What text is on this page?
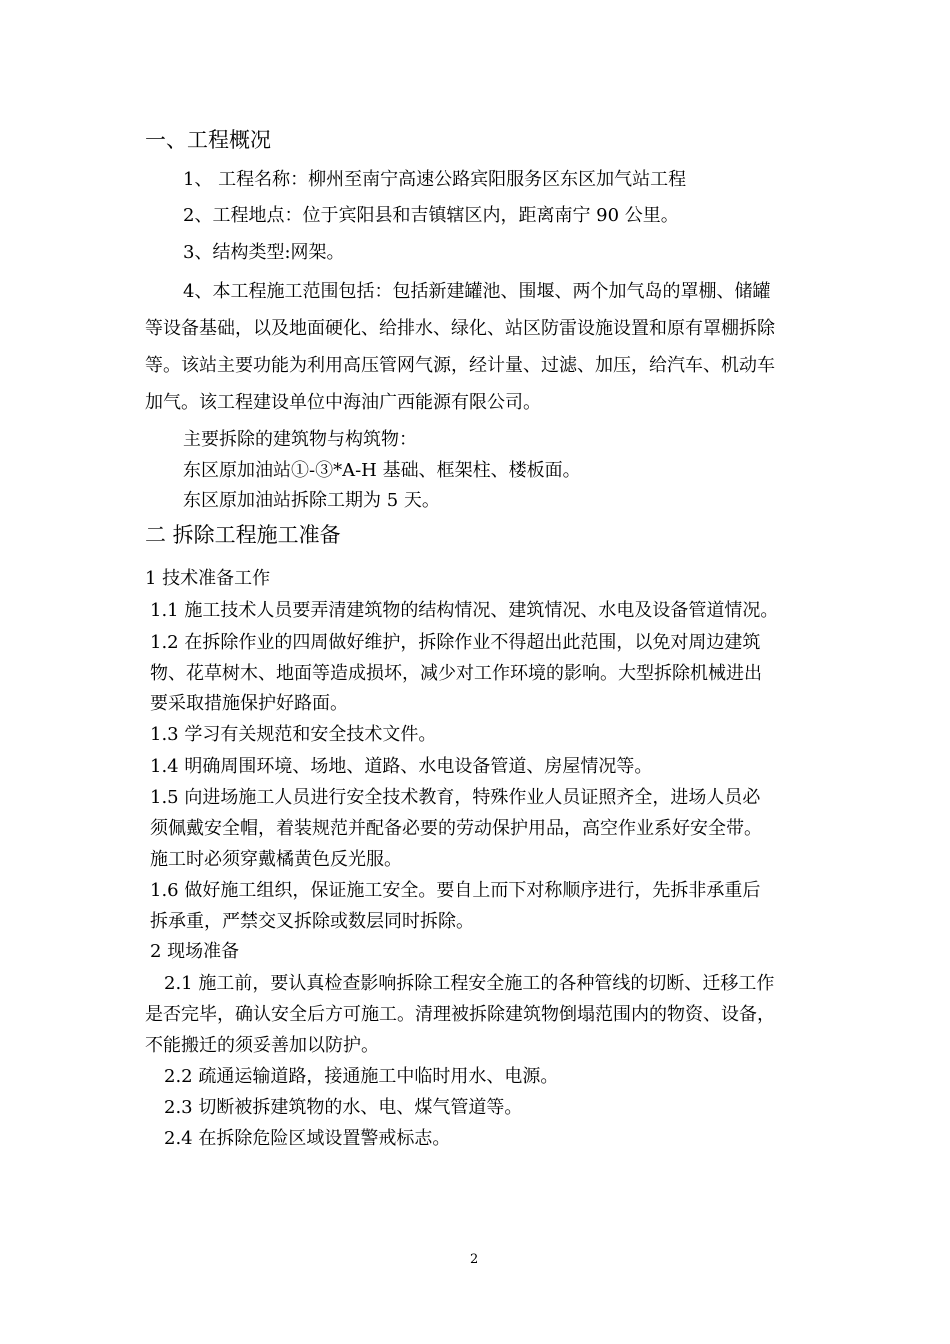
一、工程概况
1、 工程名称：柳州至南宁高速公路宾阳服务区东区加气站工程
2、工程地点：位于宾阳县和吉镇辖区内，距离南宁 90 公里。
3、结构类型:网架。
4、本工程施工范围包括：包括新建罐池、围堰、两个加气岛的罩棚、储罐
等设备基础，以及地面硬化、给排水、绿化、站区防雷设施设置和原有罩棚拆除
等。该站主要功能为利用高压管网气源，经计量、过滤、加压，给汽车、机动车
加气。该工程建设单位中海油广西能源有限公司。
主要拆除的建筑物与构筑物：
东区原加油站①-③*A-H 基础、框架柱、楼板面。
东区原加油站拆除工期为 5 天。
二 拆除工程施工准备
1 技术准备工作
1.1 施工技术人员要弄清建筑物的结构情况、建筑情况、水电及设备管道情况。
1.2 在拆除作业的四周做好维护，拆除作业不得超出此范围，以免对周边建筑
物、花草树木、地面等造成损坏，减少对工作环境的影响。大型拆除机械进出
要采取措施保护好路面。
1.3 学习有关规范和安全技术文件。
1.4 明确周围环境、场地、道路、水电设备管道、房屋情况等。
1.5 向进场施工人员进行安全技术教育，特殊作业人员证照齐全，进场人员必
须佩戴安全帽，着装规范并配备必要的劳动保护用品，高空作业系好安全带。
施工时必须穿戴橘黄色反光服。
1.6 做好施工组织，保证施工安全。要自上而下对称顺序进行，先拆非承重后
拆承重，严禁交叉拆除或数层同时拆除。
2 现场准备
2.1 施工前，要认真检查影响拆除工程安全施工的各种管线的切断、迁移工作
是否完毕，确认安全后方可施工。清理被拆除建筑物倒塌范围内的物资、设备，
不能搬迁的须妥善加以防护。
2.2 疏通运输道路，接通施工中临时用水、电源。
2.3 切断被拆建筑物的水、电、煤气管道等。
2.4 在拆除危险区域设置警戒标志。
2
